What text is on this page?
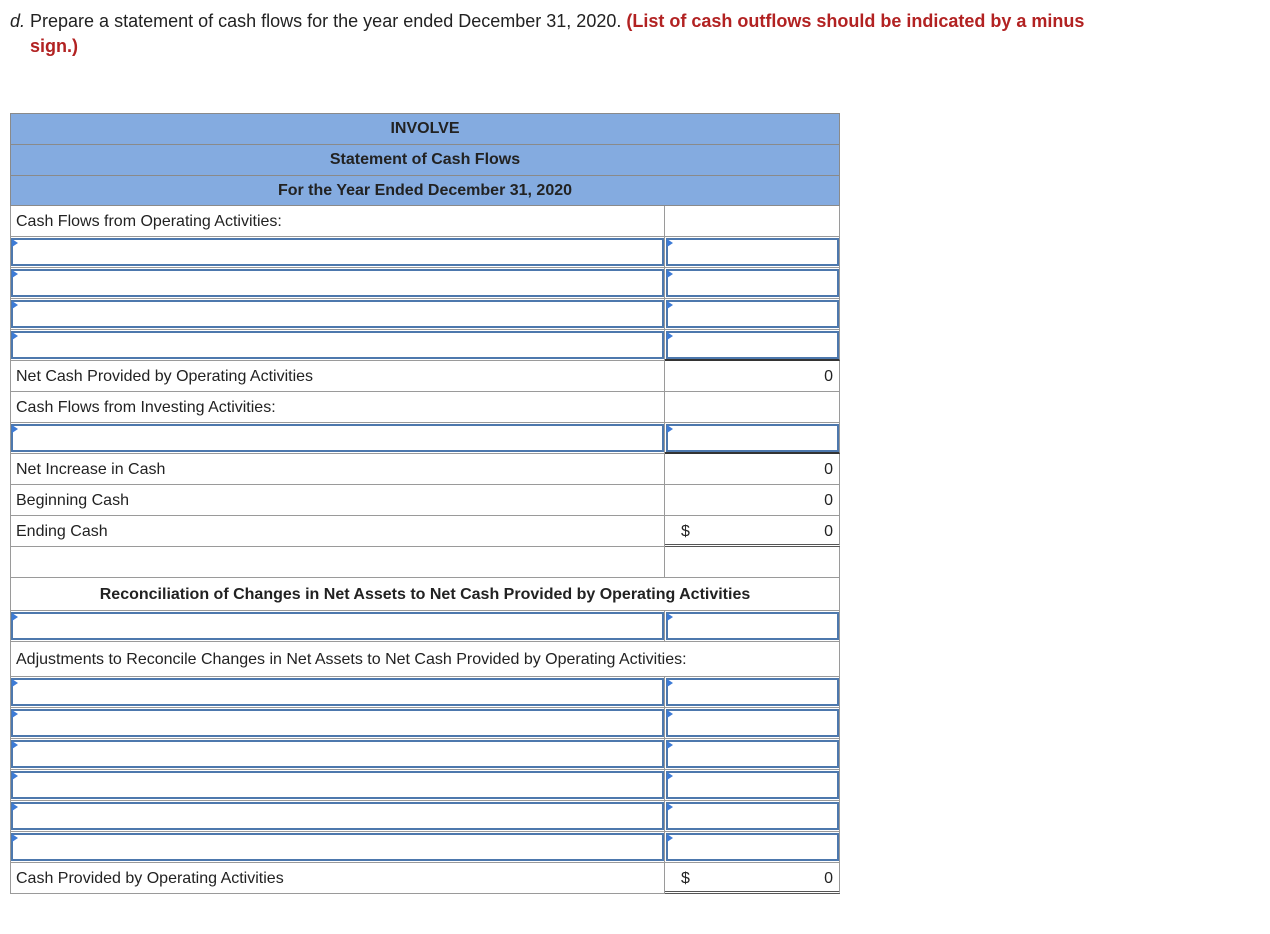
d. Prepare a statement of cash flows for the year ended December 31, 2020. (List of cash outflows should be indicated by a minus
sign.)
INVOLVE
Statement of Cash Flows
For the Year Ended December 31, 2020
Cash Flows from Operating Activities:
Net Cash Provided by Operating Activities	0
Cash Flows from Investing Activities:
Net Increase in Cash	0
Beginning Cash	0
Ending Cash	$	0
Reconciliation of Changes in Net Assets to Net Cash Provided by Operating Activities
Adjustments to Reconcile Changes in Net Assets to Net Cash Provided by Operating Activities:
Cash Provided by Operating Activities	$	0
